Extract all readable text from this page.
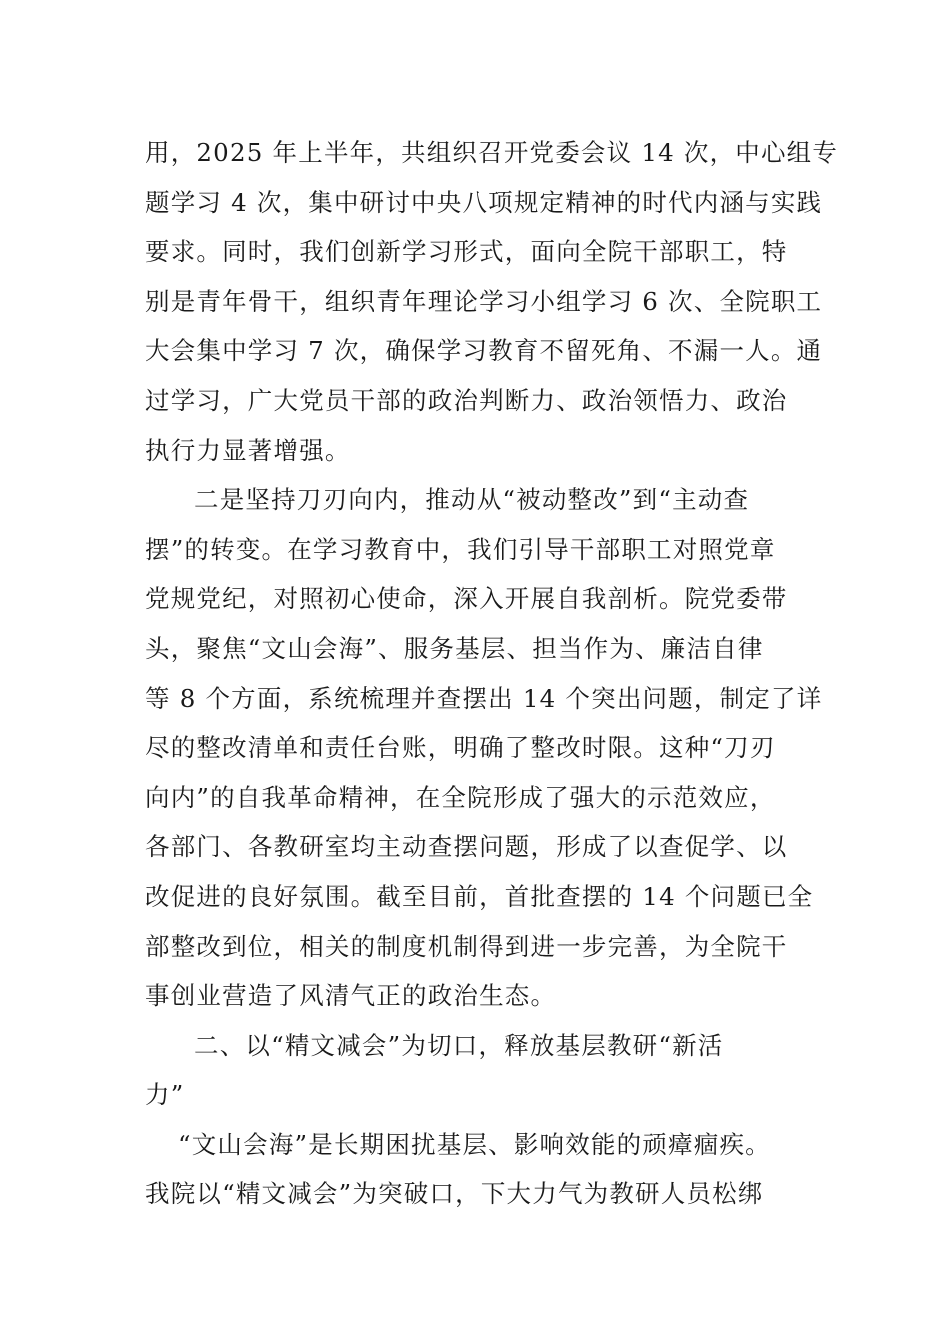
用，2025 年上半年，共组织召开党委会议 14 次，中心组专
题学习 4 次，集中研讨中央八项规定精神的时代内涵与实践
要求。同时，我们创新学习形式，面向全院干部职工，特
别是青年骨干，组织青年理论学习小组学习 6 次、全院职工
大会集中学习 7 次，确保学习教育不留死角、不漏一人。通
过学习，广大党员干部的政治判断力、政治领悟力、政治
执行力显著增强。
二是坚持刀刃向内，推动从“被动整改”到“主动查
摆”的转变。在学习教育中，我们引导干部职工对照党章
党规党纪，对照初心使命，深入开展自我剖析。院党委带
头，聚焦“文山会海”、服务基层、担当作为、廉洁自律
等 8 个方面，系统梳理并查摆出 14 个突出问题，制定了详
尽的整改清单和责任台账，明确了整改时限。这种“刀刃
向内”的自我革命精神，在全院形成了强大的示范效应，
各部门、各教研室均主动查摆问题，形成了以查促学、以
改促进的良好氛围。截至目前，首批查摆的 14 个问题已全
部整改到位，相关的制度机制得到进一步完善，为全院干
事创业营造了风清气正的政治生态。
二、以“精文减会”为切口，释放基层教研“新活
力”
“文山会海”是长期困扰基层、影响效能的顽瘴痼疾。
我院以“精文减会”为突破口，下大力气为教研人员松绑
